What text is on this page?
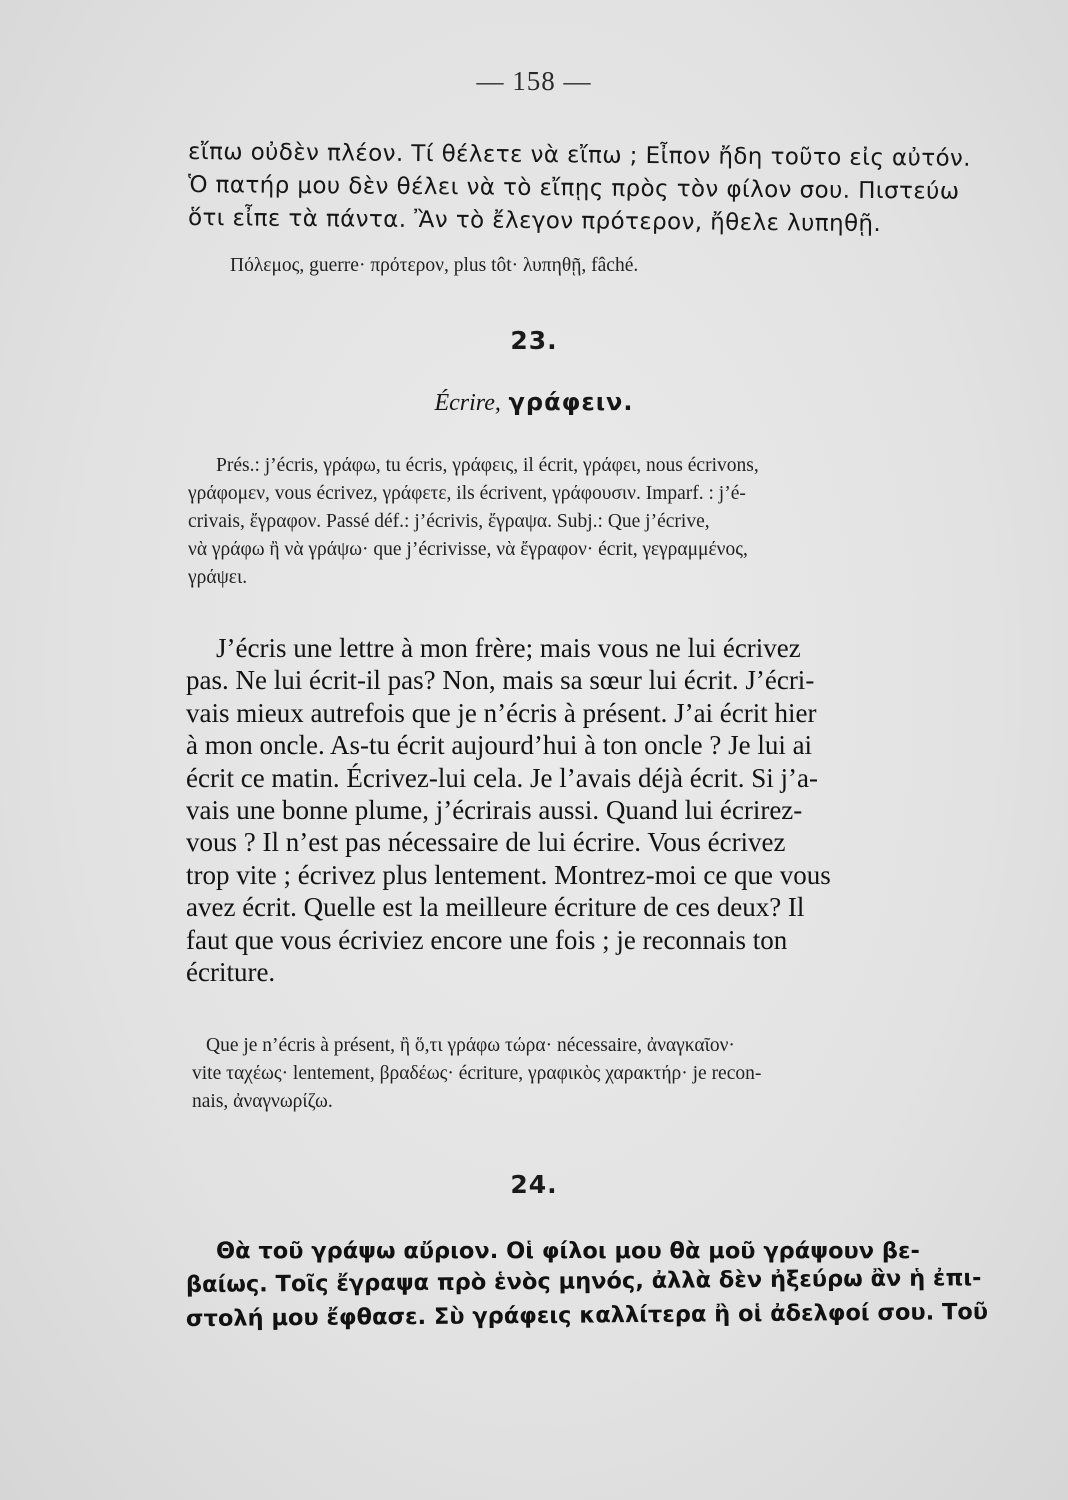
— 158 —
εἴπω οὐδὲν πλέον. Τί θέλετε νὰ εἴπω ; Εἶπον ἤδη τοῦτο εἰς αὐτόν.
Ὁ πατήρ μου δὲν θέλει νὰ τὸ εἴπῃς πρὸς τὸν φίλον σου. Πιστεύω
ὅτι εἶπε τὰ πάντα. Ἂν τὸ ἔλεγον πρότερον, ἤθελε λυπηθῇ.
Πόλεμος, guerre· πρότερον, plus tôt· λυπηθῇ, fâché.
23.
Écrire, γράφειν.
Prés.: j’écris, γράφω, tu écris, γράφεις, il écrit, γράφει, nous écrivons,
γράφομεν, vous écrivez, γράφετε, ils écrivent, γράφουσιν. Imparf. : j’é-
crivais, ἔγραφον. Passé déf.: j’écrivis, ἔγραψα. Subj.: Que j’écrive,
νὰ γράφω ἢ νὰ γράψω· que j’écrivisse, νὰ ἔγραφον· écrit, γεγραμμένος,
γράψει.
J’écris une lettre à mon frère; mais vous ne lui écrivez
pas. Ne lui écrit-il pas? Non, mais sa sœur lui écrit. J’écri-
vais mieux autrefois que je n’écris à présent. J’ai écrit hier
à mon oncle. As-tu écrit aujourd’hui à ton oncle ? Je lui ai
écrit ce matin. Écrivez-lui cela. Je l’avais déjà écrit. Si j’a-
vais une bonne plume, j’écrirais aussi. Quand lui écrirez-
vous ? Il n’est pas nécessaire de lui écrire. Vous écrivez
trop vite ; écrivez plus lentement. Montrez-moi ce que vous
avez écrit. Quelle est la meilleure écriture de ces deux? Il
faut que vous écriviez encore une fois ; je reconnais ton
écriture.
Que je n’écris à présent, ἢ ὅ,τι γράφω τώρα· nécessaire, ἀναγκαῖον·
vite ταχέως· lentement, βραδέως· écriture, γραφικὸς χαρακτήρ· je recon-
nais, ἀναγνωρίζω.
24.
Θὰ τοῦ γράψω αὔριον. Οἱ φίλοι μου θὰ μοῦ γράψουν βε-
βαίως. Τοῖς ἔγραψα πρὸ ἑνὸς μηνός, ἀλλὰ δὲν ἠξεύρω ἂν ἡ ἐπι-
στολή μου ἔφθασε. Σὺ γράφεις καλλίτερα ἢ οἱ ἀδελφοί σου. Τοῦ
